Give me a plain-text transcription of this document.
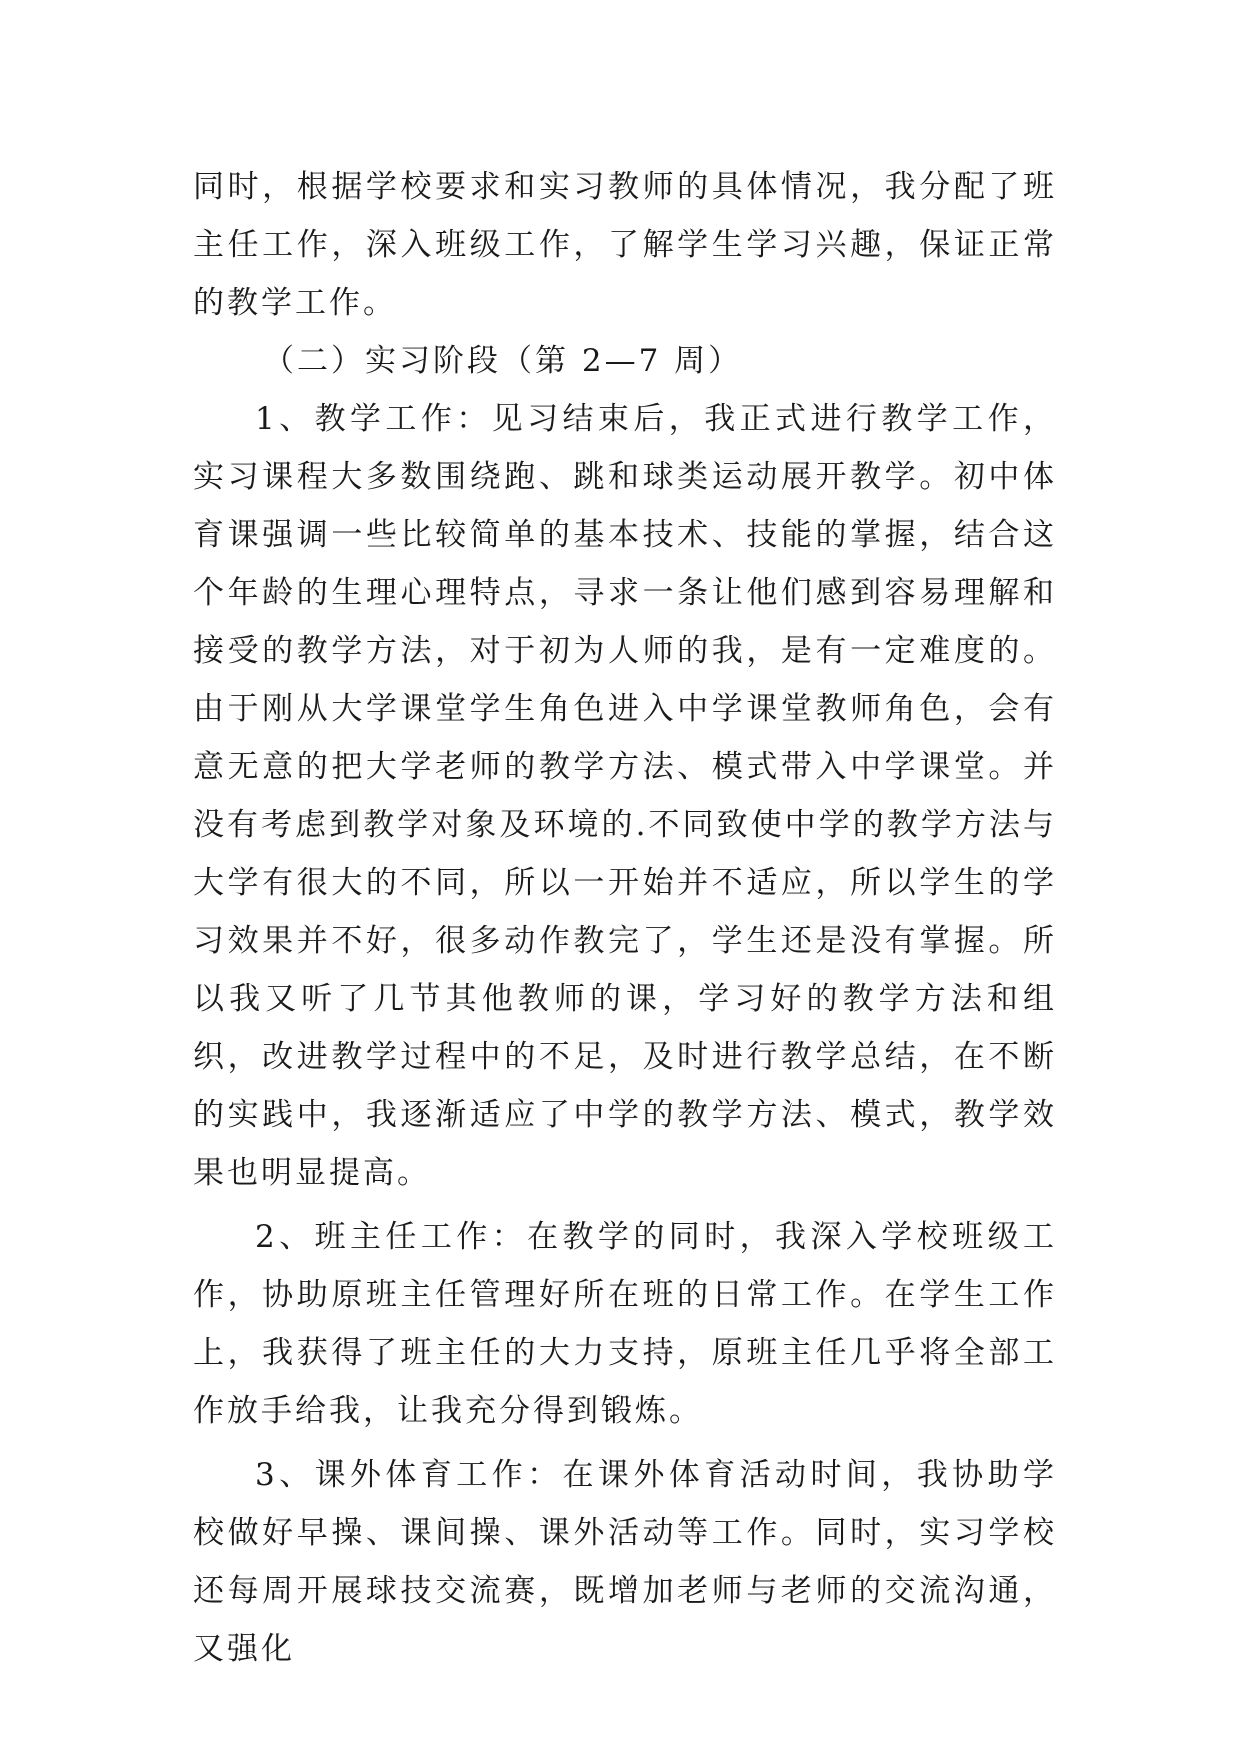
同时，根据学校要求和实习教师的具体情况，我分配了班主任工作，深入班级工作，了解学生学习兴趣，保证正常的教学工作。

（二）实习阶段（第 2—7 周）

1、教学工作：见习结束后，我正式进行教学工作，实习课程大多数围绕跑、跳和球类运动展开教学。初中体育课强调一些比较简单的基本技术、技能的掌握，结合这个年龄的生理心理特点，寻求一条让他们感到容易理解和接受的教学方法，对于初为人师的我，是有一定难度的。由于刚从大学课堂学生角色进入中学课堂教师角色，会有意无意的把大学老师的教学方法、模式带入中学课堂。并没有考虑到教学对象及环境的.不同致使中学的教学方法与大学有很大的不同，所以一开始并不适应，所以学生的学习效果并不好，很多动作教完了，学生还是没有掌握。所以我又听了几节其他教师的课，学习好的教学方法和组织，改进教学过程中的不足，及时进行教学总结，在不断的实践中，我逐渐适应了中学的教学方法、模式，教学效果也明显提高。

2、班主任工作：在教学的同时，我深入学校班级工作，协助原班主任管理好所在班的日常工作。在学生工作上，我获得了班主任的大力支持，原班主任几乎将全部工作放手给我，让我充分得到锻炼。

3、课外体育工作：在课外体育活动时间，我协助学校做好早操、课间操、课外活动等工作。同时，实习学校还每周开展球技交流赛，既增加老师与老师的交流沟通，又强化
